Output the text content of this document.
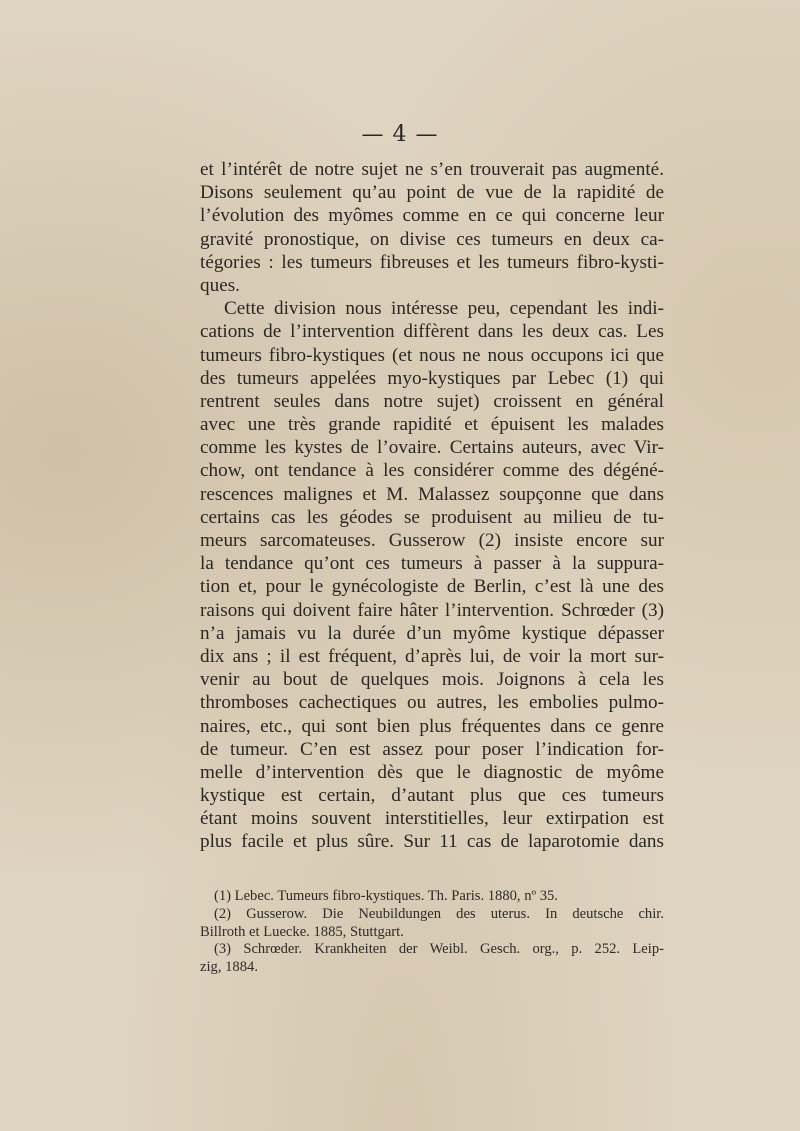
— 4 —
et l’intérêt de notre sujet ne s’en trouverait pas augmenté.
Disons seulement qu’au point de vue de la rapidité de
l’évolution des myômes comme en ce qui concerne leur
gravité pronostique, on divise ces tumeurs en deux ca-
tégories : les tumeurs fibreuses et les tumeurs fibro-kysti-
ques.
Cette division nous intéresse peu, cependant les indi-
cations de l’intervention diffèrent dans les deux cas. Les
tumeurs fibro-kystiques (et nous ne nous occupons ici que
des tumeurs appelées myo-kystiques par Lebec (1) qui
rentrent seules dans notre sujet) croissent en général
avec une très grande rapidité et épuisent les malades
comme les kystes de l’ovaire. Certains auteurs, avec Vir-
chow, ont tendance à les considérer comme des dégéné-
rescences malignes et M. Malassez soupçonne que dans
certains cas les géodes se produisent au milieu de tu-
meurs sarcomateuses. Gusserow (2) insiste encore sur
la tendance qu’ont ces tumeurs à passer à la suppura-
tion et, pour le gynécologiste de Berlin, c’est là une des
raisons qui doivent faire hâter l’intervention. Schrœder (3)
n’a jamais vu la durée d’un myôme kystique dépasser
dix ans ; il est fréquent, d’après lui, de voir la mort sur-
venir au bout de quelques mois. Joignons à cela les
thromboses cachectiques ou autres, les embolies pulmo-
naires, etc., qui sont bien plus fréquentes dans ce genre
de tumeur. C’en est assez pour poser l’indication for-
melle d’intervention dès que le diagnostic de myôme
kystique est certain, d’autant plus que ces tumeurs
étant moins souvent interstitielles, leur extirpation est
plus facile et plus sûre. Sur 11 cas de laparotomie dans
(1) Lebec. Tumeurs fibro-kystiques. Th. Paris. 1880, nº 35.
(2) Gusserow. Die Neubildungen des uterus. In deutsche chir.
Billroth et Luecke. 1885, Stuttgart.
(3) Schrœder. Krankheiten der Weibl. Gesch. org., p. 252. Leip-
zig, 1884.
